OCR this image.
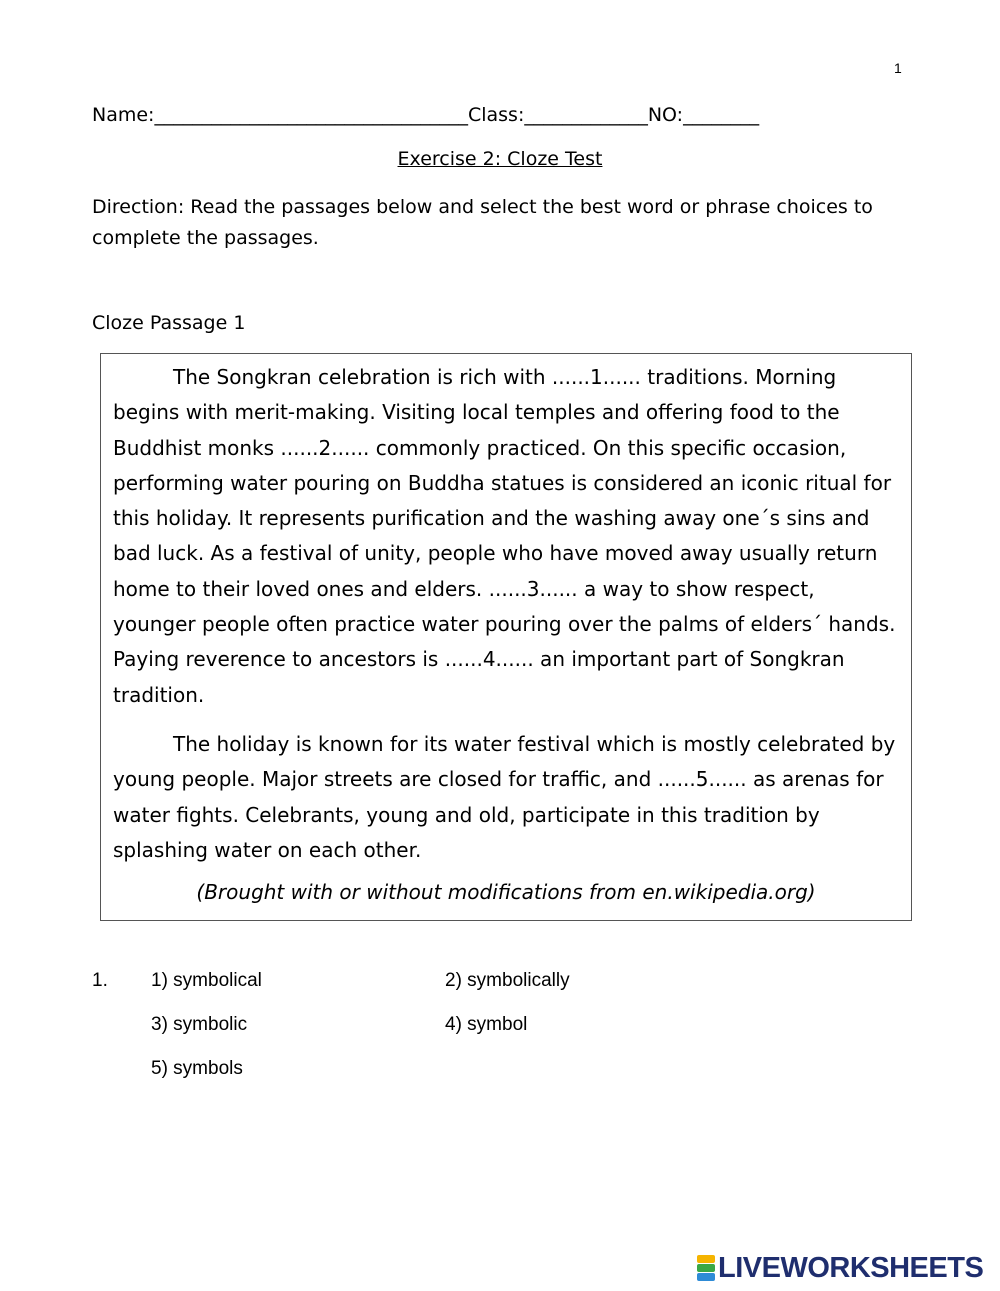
1
Name:_________________________________Class:_____________NO:________
Exercise 2: Cloze Test
Direction: Read the passages below and select the best word or phrase choices to complete the passages.
Cloze Passage 1

The Songkran celebration is rich with ......1...... traditions. Morning begins with merit-making. Visiting local temples and offering food to the Buddhist monks ......2...... commonly practiced. On this specific occasion, performing water pouring on Buddha statues is considered an iconic ritual for this holiday. It represents purification and the washing away one´s sins and bad luck. As a festival of unity, people who have moved away usually return home to their loved ones and elders. ......3...... a way to show respect, younger people often practice water pouring over the palms of elders´ hands. Paying reverence to ancestors is ......4...... an important part of Songkran tradition.

The holiday is known for its water festival which is mostly celebrated by young people. Major streets are closed for traffic, and ......5...... as arenas for water fights. Celebrants, young and old, participate in this tradition by splashing water on each other.

(Brought with or without modifications from en.wikipedia.org)
1. 1) symbolical	2) symbolically
3) symbolic	4) symbol
5) symbols
LIVEWORKSHEETS
